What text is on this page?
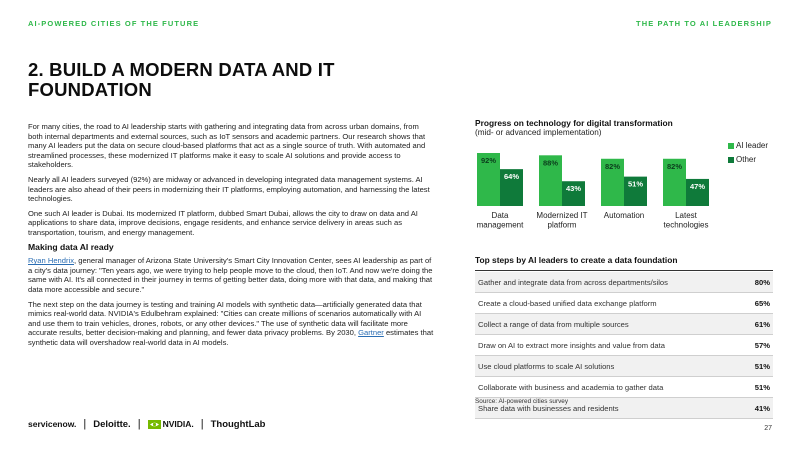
AI-POWERED CITIES OF THE FUTURE	THE PATH TO AI LEADERSHIP
2. BUILD A MODERN DATA AND IT FOUNDATION

For many cities, the road to AI leadership starts with gathering and integrating data from across urban domains, from both internal departments and external sources, such as IoT sensors and academic partners. Our research shows that many AI leaders put the data on secure cloud-based platforms that act as a single source of truth. With automated and streamlined processes, these modernized IT platforms make it easy to scale AI solutions and provide access to stakeholders.

Nearly all AI leaders surveyed (92%) are midway or advanced in developing integrated data management systems. AI leaders are also ahead of their peers in modernizing their IT platforms, employing automation, and harnessing the latest technologies.

One such AI leader is Dubai. Its modernized IT platform, dubbed Smart Dubai, allows the city to draw on data and AI applications to share data, improve decisions, engage residents, and enhance service delivery in areas such as transportation, tourism, and energy management.

Making data AI ready

Ryan Hendrix, general manager of Arizona State University's Smart City Innovation Center, sees AI leadership as part of a city's data journey: "Ten years ago, we were trying to help people move to the cloud, then IoT. And now we're doing the same with AI. It's all connected in their journey in terms of getting better data, doing more with that data, and making that data more accessible and secure."

The next step on the data journey is testing and training AI models with synthetic data—artificially generated data that mimics real-world data. NVIDIA's Edulbehram explained: "Cities can create millions of scenarios automatically with AI and use them to train vehicles, drones, robots, or any other devices." The use of synthetic data will facilitate more accurate results, better decision-making and planning, and fewer data privacy problems. By 2030, Gartner estimates that synthetic data will overshadow real-world data in AI models.

Progress on technology for digital transformation
(mid- or advanced implementation)
92%
64%
Data
management
88%
43%
Modernized IT
platform
82%
51%
Automation
82%
47%
Latest
technologies
AI leader
Other
Top steps by AI leaders to create a data foundation
Gather and integrate data from across departments/silos	80%
Create a cloud-based unified data exchange platform	65%
Collect a range of data from multiple sources	61%
Draw on AI to extract more insights and value from data	57%
Use cloud platforms to scale AI solutions	51%
Collaborate with business and academia to gather data	51%
Share data with businesses and residents	41%
Source: AI-powered cities survey
servicenow. | Deloitte. |	NVIDIA. | ThoughtLab	27
